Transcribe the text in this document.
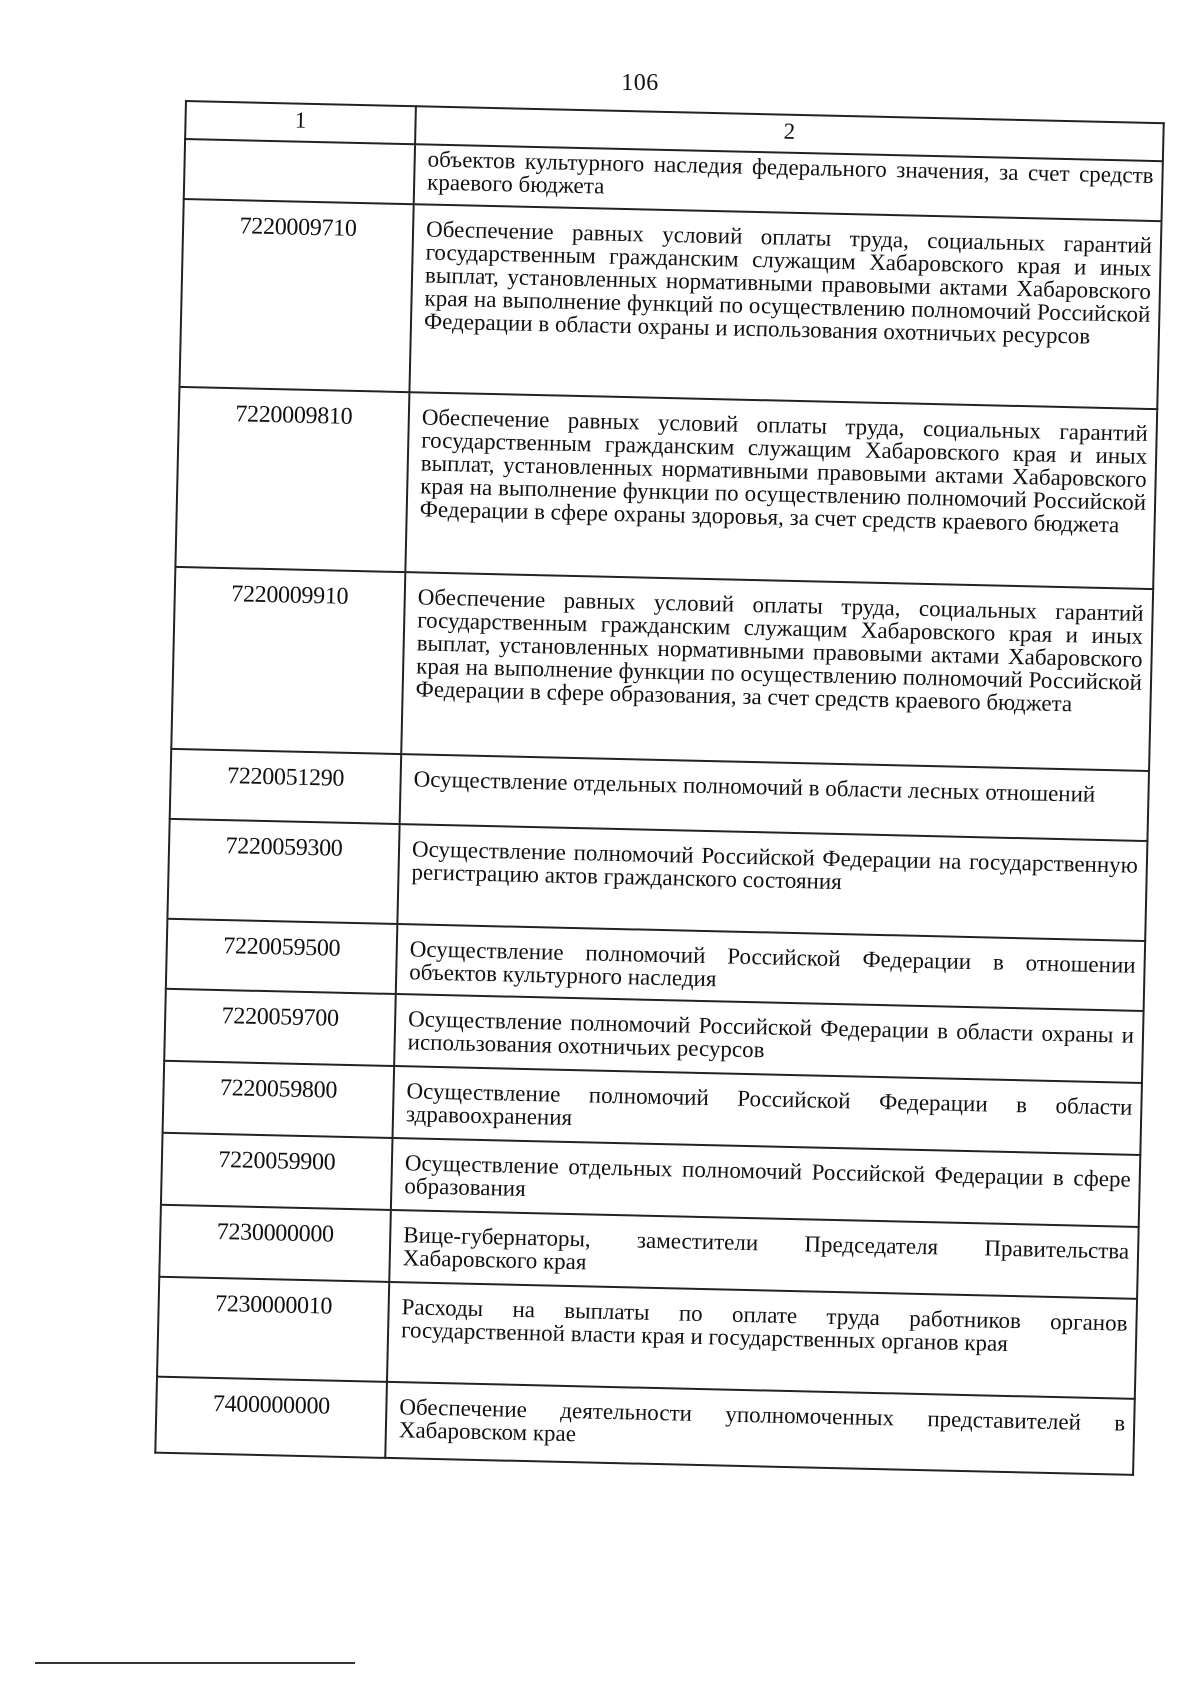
106
1	2
	объектов культурного наследия федерального значения, за счет средств краевого бюджета
7220009710	Обеспечение равных условий оплаты труда, социальных гарантий государственным гражданским служащим Хабаровского края и иных выплат, установленных нормативными правовыми актами Хабаровского края на выполнение функций по осуществлению полномочий Российской Федерации в области охраны и использования охотничьих ресурсов
7220009810	Обеспечение равных условий оплаты труда, социальных гарантий государственным гражданским служащим Хабаровского края и иных выплат, установленных нормативными правовыми актами Хабаровского края на выполнение функции по осуществлению полномочий Российской Федерации в сфере охраны здоровья, за счет средств краевого бюджета
7220009910	Обеспечение равных условий оплаты труда, социальных гарантий государственным гражданским служащим Хабаровского края и иных выплат, установленных нормативными правовыми актами Хабаровского края на выполнение функции по осуществлению полномочий Российской Федерации в сфере образования, за счет средств краевого бюджета
7220051290	Осуществление отдельных полномочий в области лесных отношений
7220059300	Осуществление полномочий Российской Федерации на государственную регистрацию актов гражданского состояния
7220059500	Осуществление полномочий Российской Федерации в отношении объектов культурного наследия
7220059700	Осуществление полномочий Российской Федерации в области охраны и использования охотничьих ресурсов
7220059800	Осуществление полномочий Российской Федерации в области здравоохранения
7220059900	Осуществление отдельных полномочий Российской Федерации в сфере образования
7230000000	Вице-губернаторы, заместители Председателя Правительства Хабаровского края
7230000010	Расходы на выплаты по оплате труда работников органов государственной власти края и государственных органов края
7400000000	Обеспечение деятельности уполномоченных представителей в Хабаровском крае
